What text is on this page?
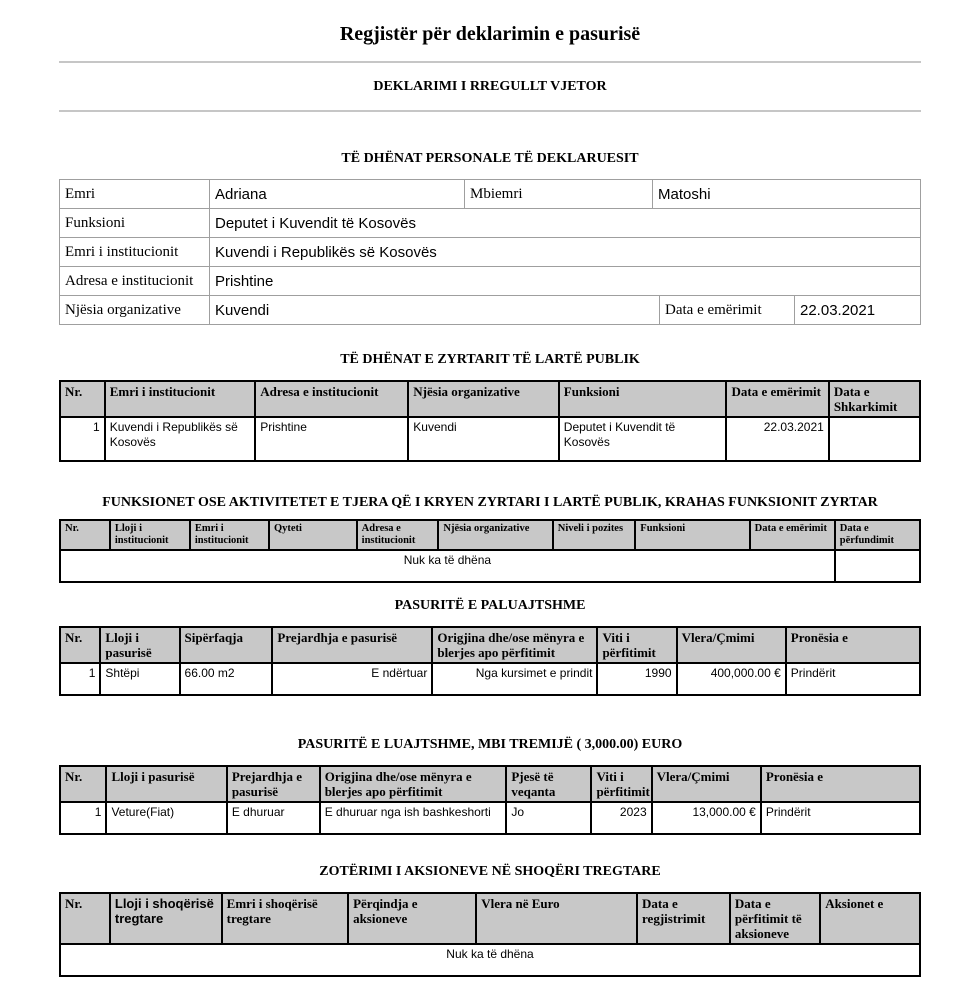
Regjistër për deklarimin e pasurisë
DEKLARIMI I RREGULLT VJETOR
TË DHËNAT PERSONALE TË DEKLARUESIT
Emri	Adriana	Mbiemri	Matoshi
Funksioni	Deputet i Kuvendit të Kosovës
Emri i institucionit	Kuvendi i Republikës së Kosovës
Adresa e institucionit	Prishtine
Njësia organizative	Kuvendi	Data e emërimit	22.03.2021
TË DHËNAT E ZYRTARIT TË LARTË PUBLIK
Nr.	Emri i institucionit	Adresa e institucionit	Njësia organizative	Funksioni	Data e emërimit	Data e Shkarkimit
1	Kuvendi i Republikës së Kosovës	Prishtine	Kuvendi	Deputet i Kuvendit të Kosovës	22.03.2021	
FUNKSIONET OSE AKTIVITETET E TJERA QË I KRYEN ZYRTARI I LARTË PUBLIK, KRAHAS FUNKSIONIT ZYRTAR
Nr.	Lloji i institucionit	Emri i institucionit	Qyteti	Adresa e institucionit	Njësia organizative	Niveli i pozites	Funksioni	Data e emërimit	Data e përfundimit
Nuk ka të dhëna									
PASURITË E PALUAJTSHME
Nr.	Lloji i pasurisë	Sipërfaqja	Prejardhja e pasurisë	Origjina dhe/ose mënyra e blerjes apo përfitimit	Viti i përfitimit	Vlera/Çmimi	Pronësia e
1	Shtëpi	66.00 m2	E ndërtuar	Nga kursimet e prindit	1990	400,000.00 €	Prindërit
PASURITË E LUAJTSHME, MBI TREMIJË ( 3,000.00) EURO
Nr.	Lloji i pasurisë	Prejardhja e pasurisë	Origjina dhe/ose mënyra e blerjes apo përfitimit	Pjesë të veqanta	Viti i përfitimit	Vlera/Çmimi	Pronësia e
1	Veture(Fiat)	E dhuruar	E dhuruar nga ish bashkeshorti	Jo	2023	13,000.00 €	Prindërit
ZOTËRIMI I AKSIONEVE NË SHOQËRI TREGTARE
Nr.	Lloji i shoqërisë tregtare	Emri i shoqërisë tregtare	Përqindja e aksioneve	Vlera në Euro	Data e regjistrimit	Data e përfitimit të aksioneve	Aksionet e
Nuk ka të dhëna
